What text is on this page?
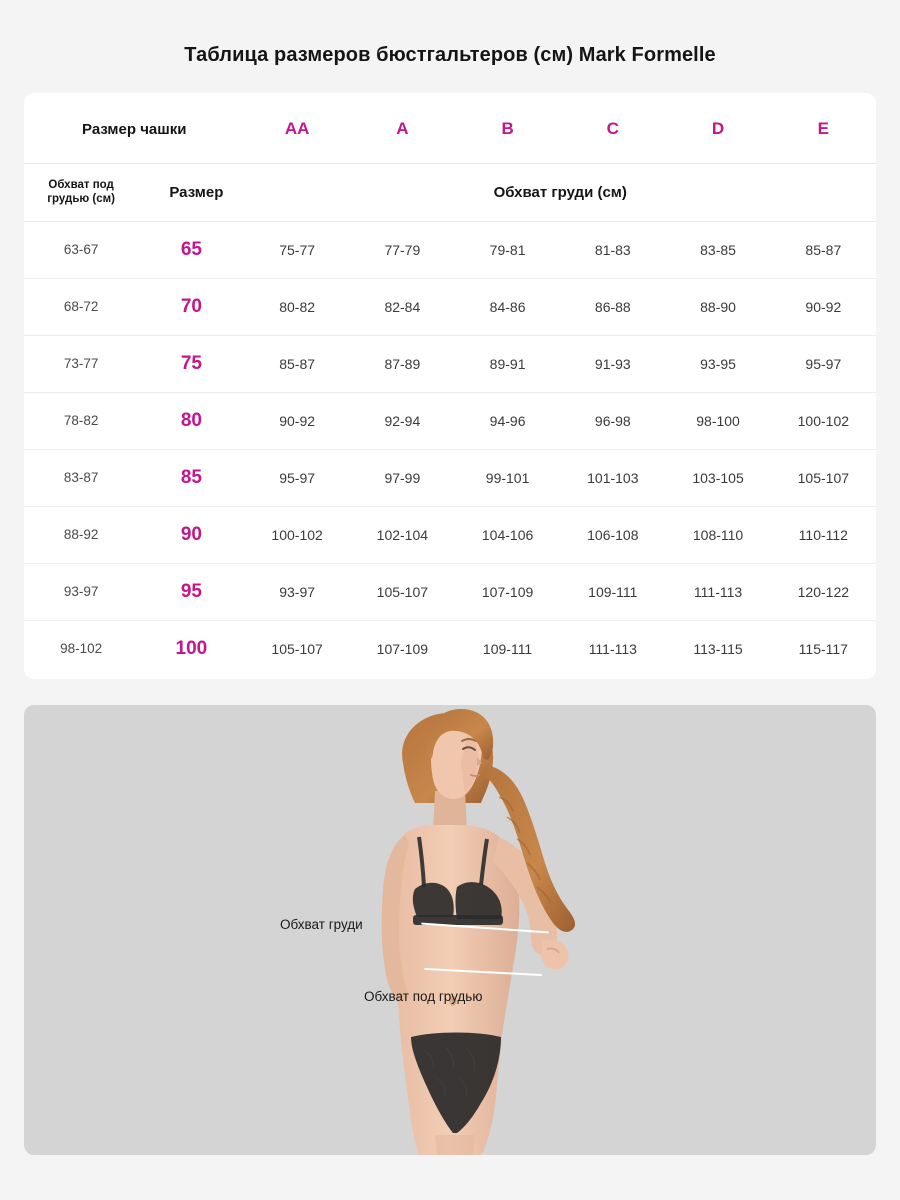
Таблица размеров бюстгальтеров (см) Mark Formelle
Размер чашки		AA	A	B	C	D	E
Обхват под грудью (см)	Размер	Обхват груди (см)					
63-67	65	75-77	77-79	79-81	81-83	83-85	85-87
68-72	70	80-82	82-84	84-86	86-88	88-90	90-92
73-77	75	85-87	87-89	89-91	91-93	93-95	95-97
78-82	80	90-92	92-94	94-96	96-98	98-100	100-102
83-87	85	95-97	97-99	99-101	101-103	103-105	105-107
88-92	90	100-102	102-104	104-106	106-108	108-110	110-112
93-97	95	93-97	105-107	107-109	109-111	111-113	120-122
98-102	100	105-107	107-109	109-111	111-113	113-115	115-117
Обхват груди
Обхват под грудью
